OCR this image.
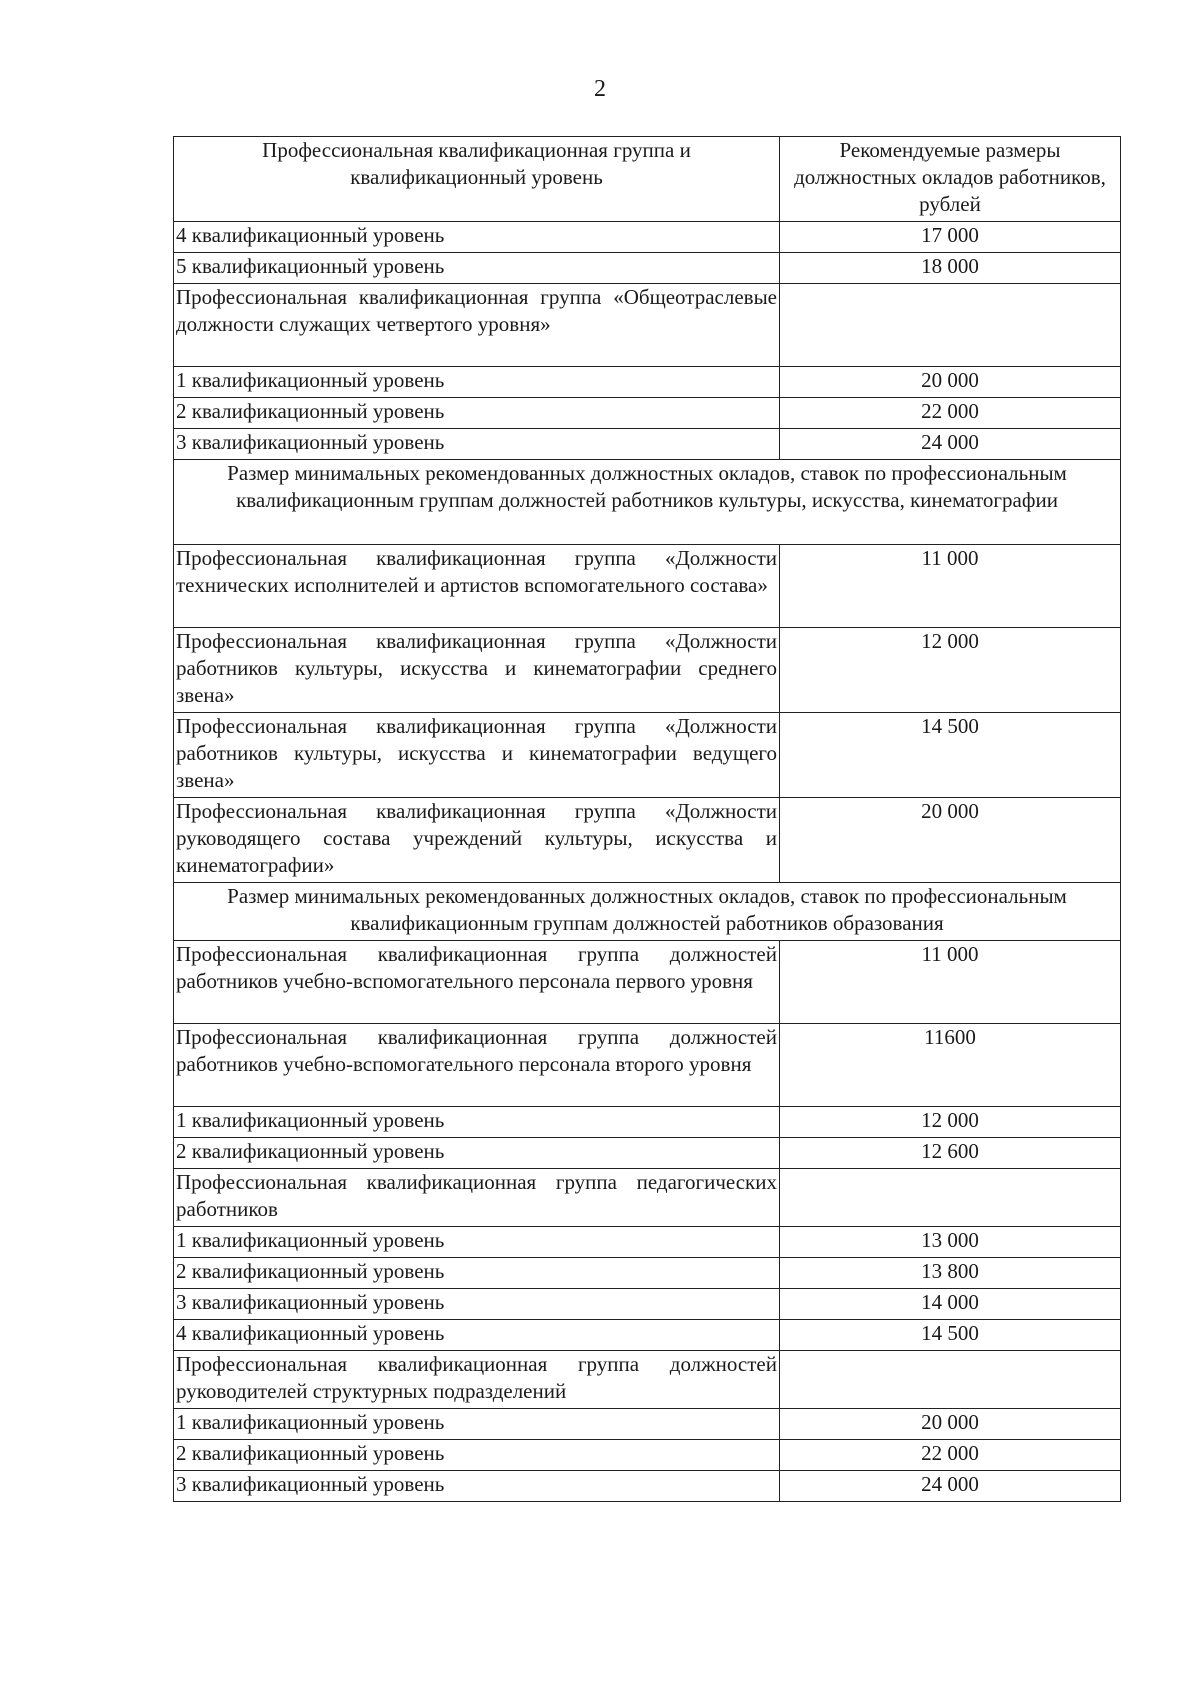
2
Профессиональная квалификационная группа и квалификационный уровень	Рекомендуемые размеры должностных окладов работников, рублей
4 квалификационный уровень	17 000
5 квалификационный уровень	18 000
Профессиональная квалификационная группа «Общеотраслевые должности служащих четвертого уровня»	
1 квалификационный уровень	20 000
2 квалификационный уровень	22 000
3 квалификационный уровень	24 000
Размер минимальных рекомендованных должностных окладов, ставок по профессиональным квалификационным группам должностей работников культуры, искусства, кинематографии	
Профессиональная квалификационная группа «Должности технических исполнителей и артистов вспомогательного состава»	11 000
Профессиональная квалификационная группа «Должности работников культуры, искусства и кинематографии среднего звена»	12 000
Профессиональная квалификационная группа «Должности работников культуры, искусства и кинематографии ведущего звена»	14 500
Профессиональная квалификационная группа «Должности руководящего состава учреждений культуры, искусства и кинематографии»	20 000
Размер минимальных рекомендованных должностных окладов, ставок по профессиональным квалификационным группам должностей работников образования	
Профессиональная квалификационная группа должностей работников учебно-вспомогательного персонала первого уровня	11 000
Профессиональная квалификационная группа должностей работников учебно-вспомогательного персонала второго уровня	11600
1 квалификационный уровень	12 000
2 квалификационный уровень	12 600
Профессиональная квалификационная группа педагогических работников	
1 квалификационный уровень	13 000
2 квалификационный уровень	13 800
3 квалификационный уровень	14 000
4 квалификационный уровень	14 500
Профессиональная квалификационная группа должностей руководителей структурных подразделений	
1 квалификационный уровень	20 000
2 квалификационный уровень	22 000
3 квалификационный уровень	24 000
